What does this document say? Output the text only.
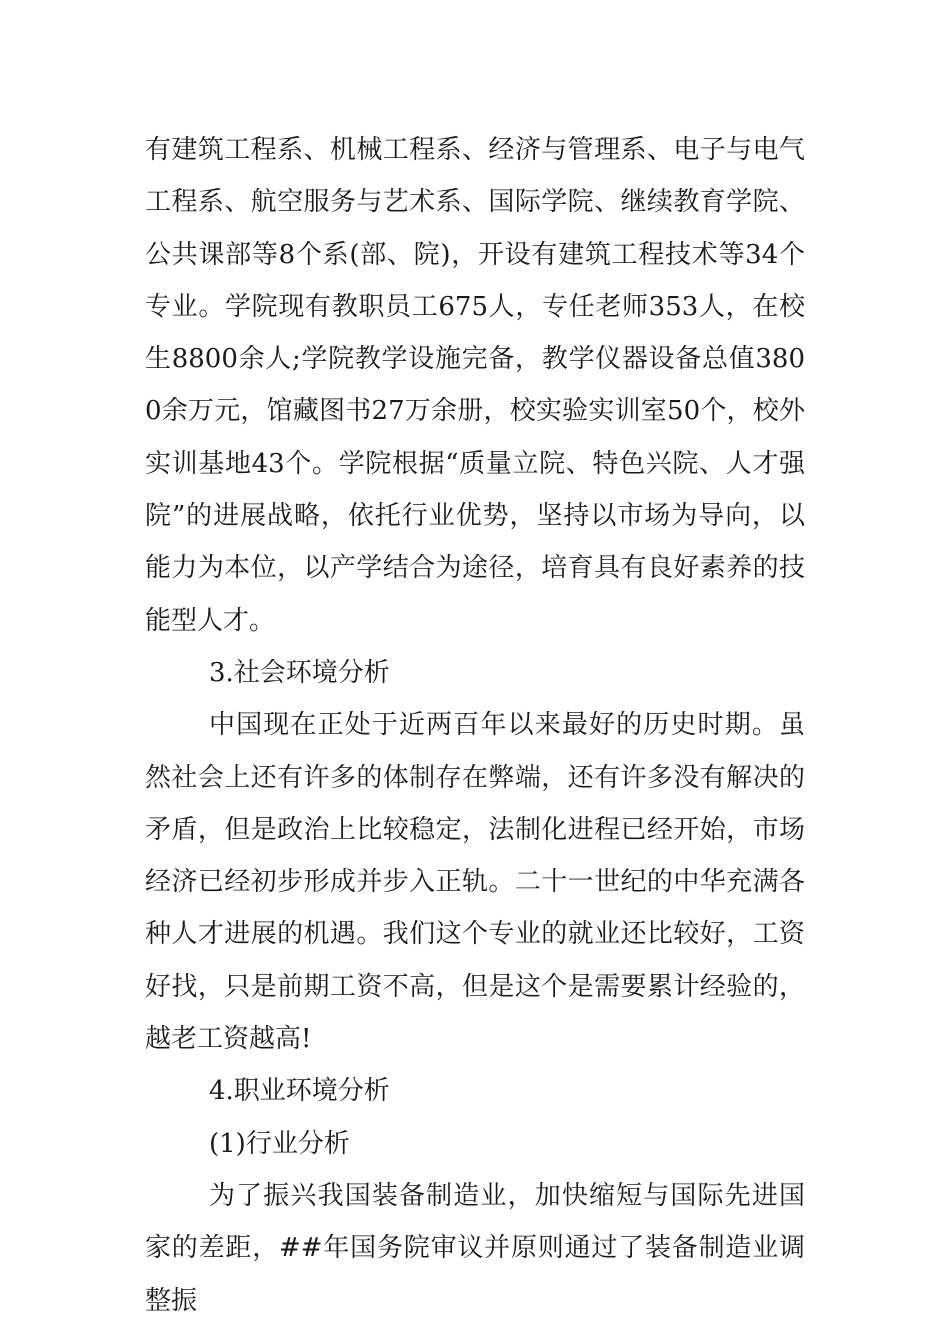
有建筑工程系、机械工程系、经济与管理系、电子与电气工程系、航空服务与艺术系、国际学院、继续教育学院、公共课部等8个系(部、院)，开设有建筑工程技术等34个专业。学院现有教职员工675人，专任老师353人，在校生8800余人;学院教学设施完备，教学仪器设备总值3800余万元，馆藏图书27万余册，校实验实训室50个，校外实训基地43个。学院根据“质量立院、特色兴院、人才强院”的进展战略，依托行业优势，坚持以市场为导向，以能力为本位，以产学结合为途径，培育具有良好素养的技能型人才。

3.社会环境分析

中国现在正处于近两百年以来最好的历史时期。虽然社会上还有许多的体制存在弊端，还有许多没有解决的矛盾，但是政治上比较稳定，法制化进程已经开始，市场经济已经初步形成并步入正轨。二十一世纪的中华充满各种人才进展的机遇。我们这个专业的就业还比较好，工资好找，只是前期工资不高，但是这个是需要累计经验的，越老工资越高!

4.职业环境分析

(1)行业分析

为了振兴我国装备制造业，加快缩短与国际先进国家的差距，##年国务院审议并原则通过了装备制造业调整振
